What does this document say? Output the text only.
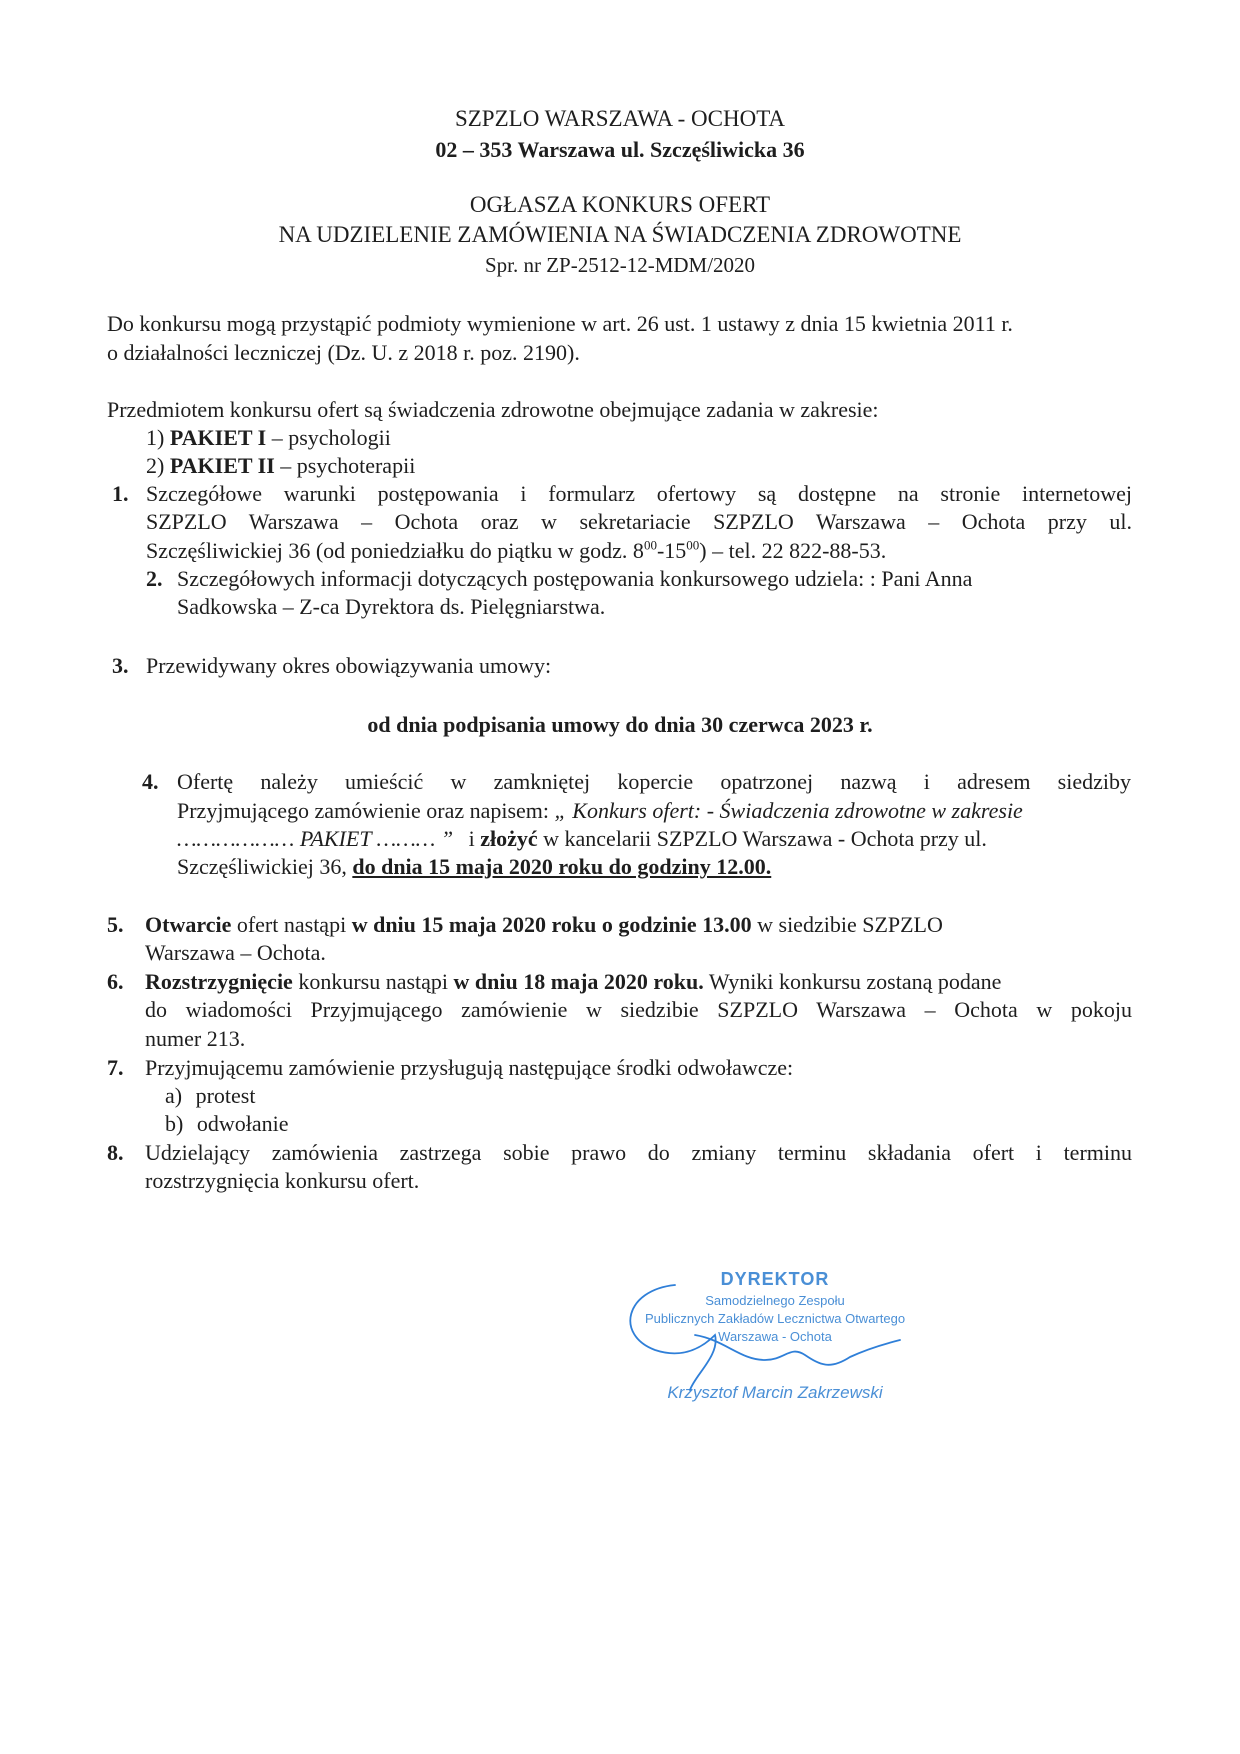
SZPZLO WARSZAWA - OCHOTA
02 – 353 Warszawa ul. Szczęśliwicka 36
OGŁASZA KONKURS OFERT
NA UDZIELENIE ZAMÓWIENIA NA ŚWIADCZENIA ZDROWOTNE
Spr. nr ZP-2512-12-MDM/2020
Do konkursu mogą przystąpić podmioty wymienione w art. 26 ust. 1 ustawy z dnia 15 kwietnia 2011 r.
o działalności leczniczej (Dz. U. z 2018 r. poz. 2190).
Przedmiotem konkursu ofert są świadczenia zdrowotne obejmujące zadania w zakresie:
1) PAKIET I – psychologii
2) PAKIET II – psychoterapii
1. Szczegółowe warunki postępowania i formularz ofertowy są dostępne na stronie internetowej
SZPZLO Warszawa – Ochota oraz w sekretariacie SZPZLO Warszawa – Ochota przy ul.
Szczęśliwickiej 36 (od poniedziałku do piątku w godz. $8^{00}-15^{00}$) – tel. 22 822-88-53.
2. Szczegółowych informacji dotyczących postępowania konkursowego udziela: : Pani Anna
Sadkowska – Z-ca Dyrektora ds. Pielęgniarstwa.
3. Przewidywany okres obowiązywania umowy:
od dnia podpisania umowy do dnia 30 czerwca 2023 r.
4. Ofertę należy umieścić w zamkniętej kopercie opatrzonej nazwą i adresem siedziby
Przyjmującego zamówienie oraz napisem: „ Konkurs ofert: - Świadczenia zdrowotne w zakresie
……………… PAKIET ……… ” i złożyć w kancelarii SZPZLO Warszawa - Ochota przy ul.
Szczęśliwickiej 36, do dnia 15 maja 2020 roku do godziny 12.00.
5. Otwarcie ofert nastąpi w dniu 15 maja 2020 roku o godzinie 13.00 w siedzibie SZPZLO
Warszawa – Ochota.
6. Rozstrzygnięcie konkursu nastąpi w dniu 18 maja 2020 roku. Wyniki konkursu zostaną podane
do wiadomości Przyjmującego zamówienie w siedzibie SZPZLO Warszawa – Ochota w pokoju
numer 213.
7. Przyjmującemu zamówienie przysługują następujące środki odwoławcze:
a) protest
b) odwołanie
8. Udzielający zamówienia zastrzega sobie prawo do zmiany terminu składania ofert i terminu
rozstrzygnięcia konkursu ofert.
DYREKTOR
Samodzielnego Zespołu
Publicznych Zakładów Lecznictwa Otwartego
Warszawa - Ochota
Krzysztof Marcin Zakrzewski
